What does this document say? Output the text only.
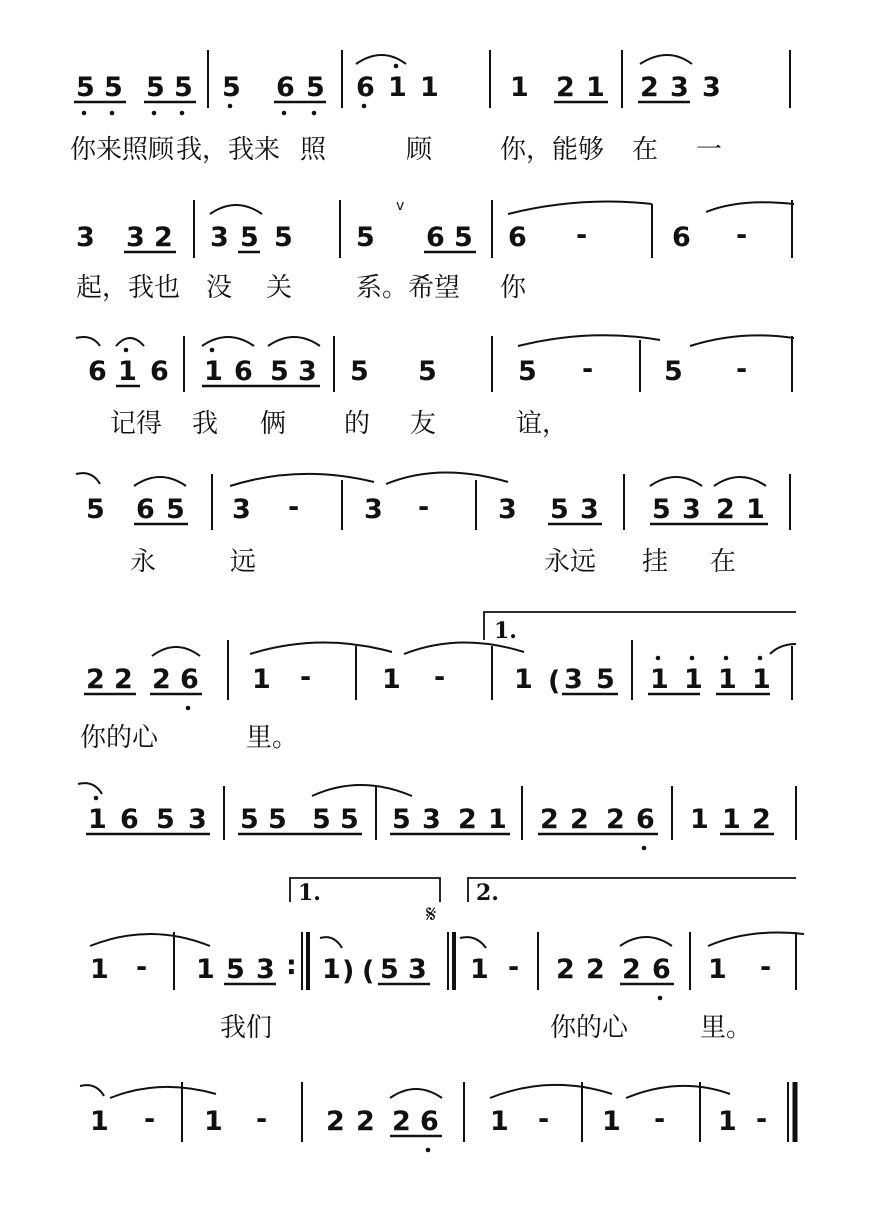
5 5 5 5 5 6 5 6 1 1	1 2 1 2 3 3
你来照顾 我，我来 照	顾	你，能够 在 一
3 3 2 3 5 5 5 6 5 6 -	6 -
v
起，我也 没 关 系。希望 你
6 1 6 1 6 5 3 5 5	5 -	5 -
记得 我 俩 的 友	谊，
5 6 5 3 - 3 -	3 5 3 5 3 2 1
永	远	永远 挂 在
1.
2 2 2 6 1 -	1 -	1 ( 3 5 1 1 1 1
你的心	里。
1 6 5 3 5 5 5 5 5 3 2 1 2 2 2 6 1 1 2
1.	2.
𝄋
1 - 1 5 3 : 1 ) ( 5 3 1 - 2 2 2 6 1 -
我们	你的心	里。
1 - 1 - 2 2 2 6 1 - 1 - 1 -
